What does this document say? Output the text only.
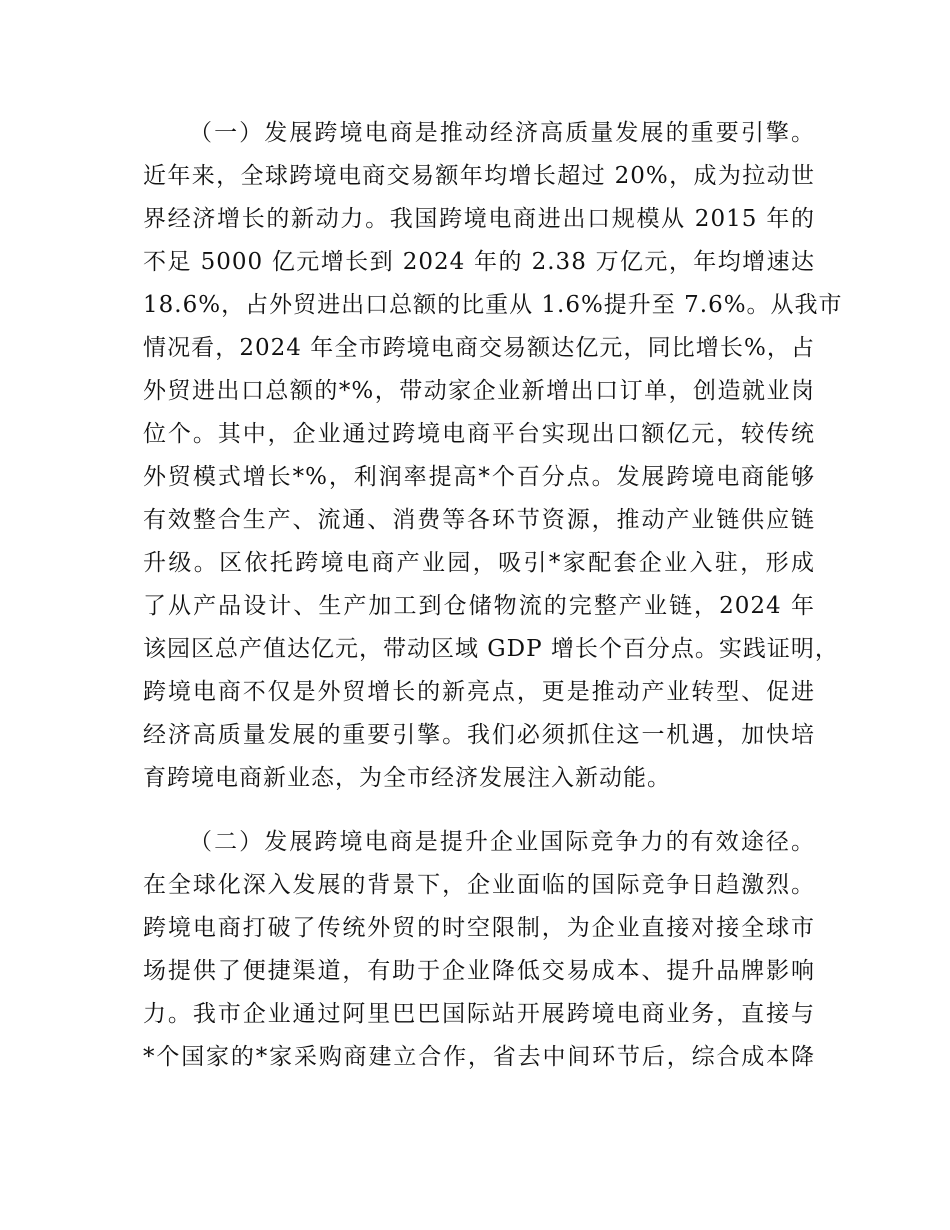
（一）发展跨境电商是推动经济高质量发展的重要引擎。
近年来，全球跨境电商交易额年均增长超过 20%，成为拉动世
界经济增长的新动力。我国跨境电商进出口规模从 2015 年的
不足 5000 亿元增长到 2024 年的 2.38 万亿元，年均增速达
18.6%，占外贸进出口总额的比重从 1.6%提升至 7.6%。从我市
情况看，2024 年全市跨境电商交易额达亿元，同比增长%，占
外贸进出口总额的*%，带动家企业新增出口订单，创造就业岗
位个。其中，企业通过跨境电商平台实现出口额亿元，较传统
外贸模式增长*%，利润率提高*个百分点。发展跨境电商能够
有效整合生产、流通、消费等各环节资源，推动产业链供应链
升级。区依托跨境电商产业园，吸引*家配套企业入驻，形成
了从产品设计、生产加工到仓储物流的完整产业链，2024 年
该园区总产值达亿元，带动区域 GDP 增长个百分点。实践证明，
跨境电商不仅是外贸增长的新亮点，更是推动产业转型、促进
经济高质量发展的重要引擎。我们必须抓住这一机遇，加快培
育跨境电商新业态，为全市经济发展注入新动能。
（二）发展跨境电商是提升企业国际竞争力的有效途径。
在全球化深入发展的背景下，企业面临的国际竞争日趋激烈。
跨境电商打破了传统外贸的时空限制，为企业直接对接全球市
场提供了便捷渠道，有助于企业降低交易成本、提升品牌影响
力。我市企业通过阿里巴巴国际站开展跨境电商业务，直接与
*个国家的*家采购商建立合作，省去中间环节后，综合成本降
